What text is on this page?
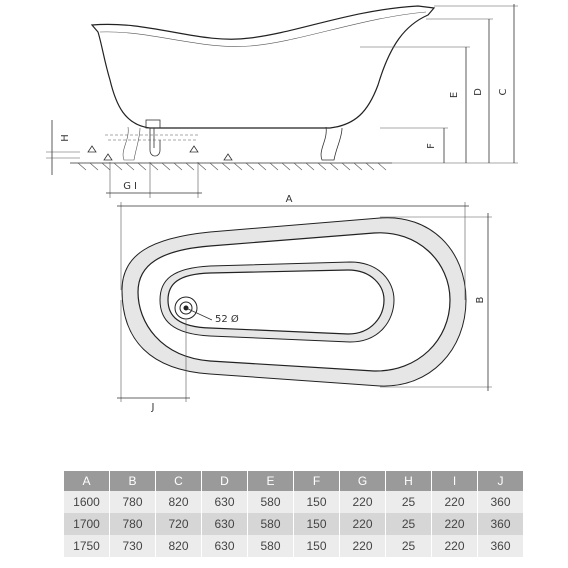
H
G I
F
E D C
52 Ø
A
B
J
A	B	C	D	E	F	G	H	I	J
1600	780	820	630	580	150	220	25	220	360
1700	780	720	630	580	150	220	25	220	360
1750	730	820	630	580	150	220	25	220	360
